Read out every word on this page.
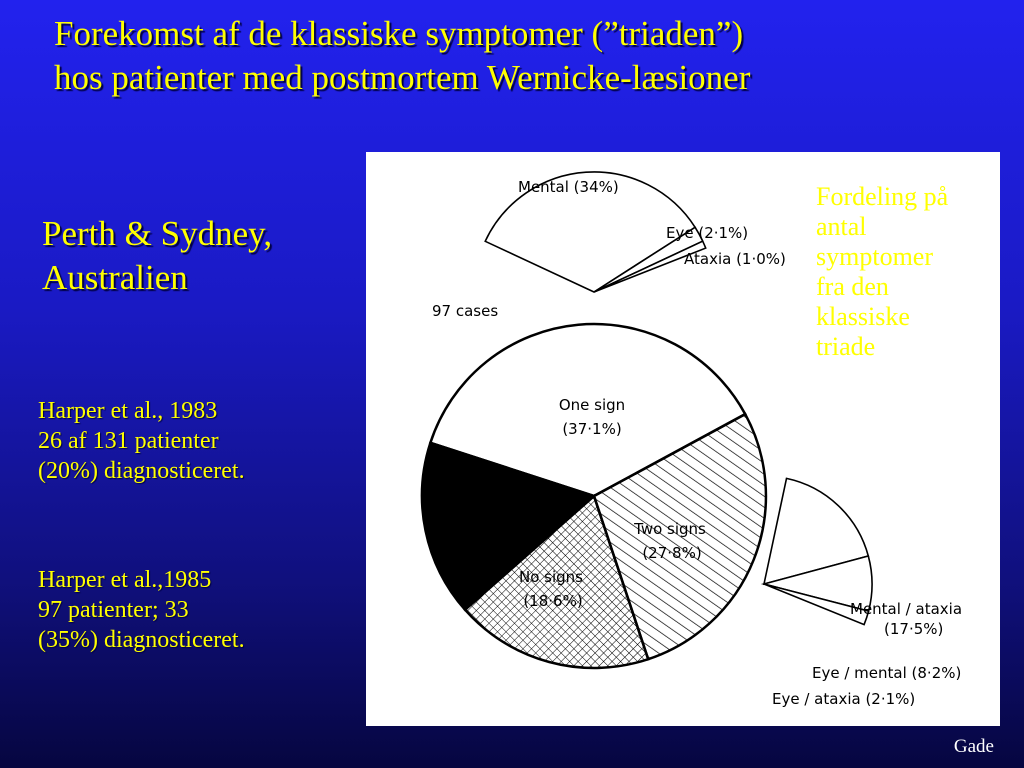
Forekomst af de klassiske symptomer (”triaden”)
hos patienter med postmortem Wernicke-læsioner
Perth & Sydney,
Australien
Harper et al., 1983
26 af 131 patienter
(20%) diagnosticeret.
Harper et al.,1985
97 patienter; 33
(35%) diagnosticeret.
97 cases
One sign
(37·1%)
Two signs
(27·8%)
No signs
(18·6%)
Three signs
Classical triad
(16·5%)
Mental (34%)
Eye (2·1%)
Ataxia (1·0%)
Mental / ataxia
(17·5%)
Eye / mental (8·2%)
Eye / ataxia (2·1%)
Fordeling på
antal
symptomer
fra den
klassiske
triade
Gade
